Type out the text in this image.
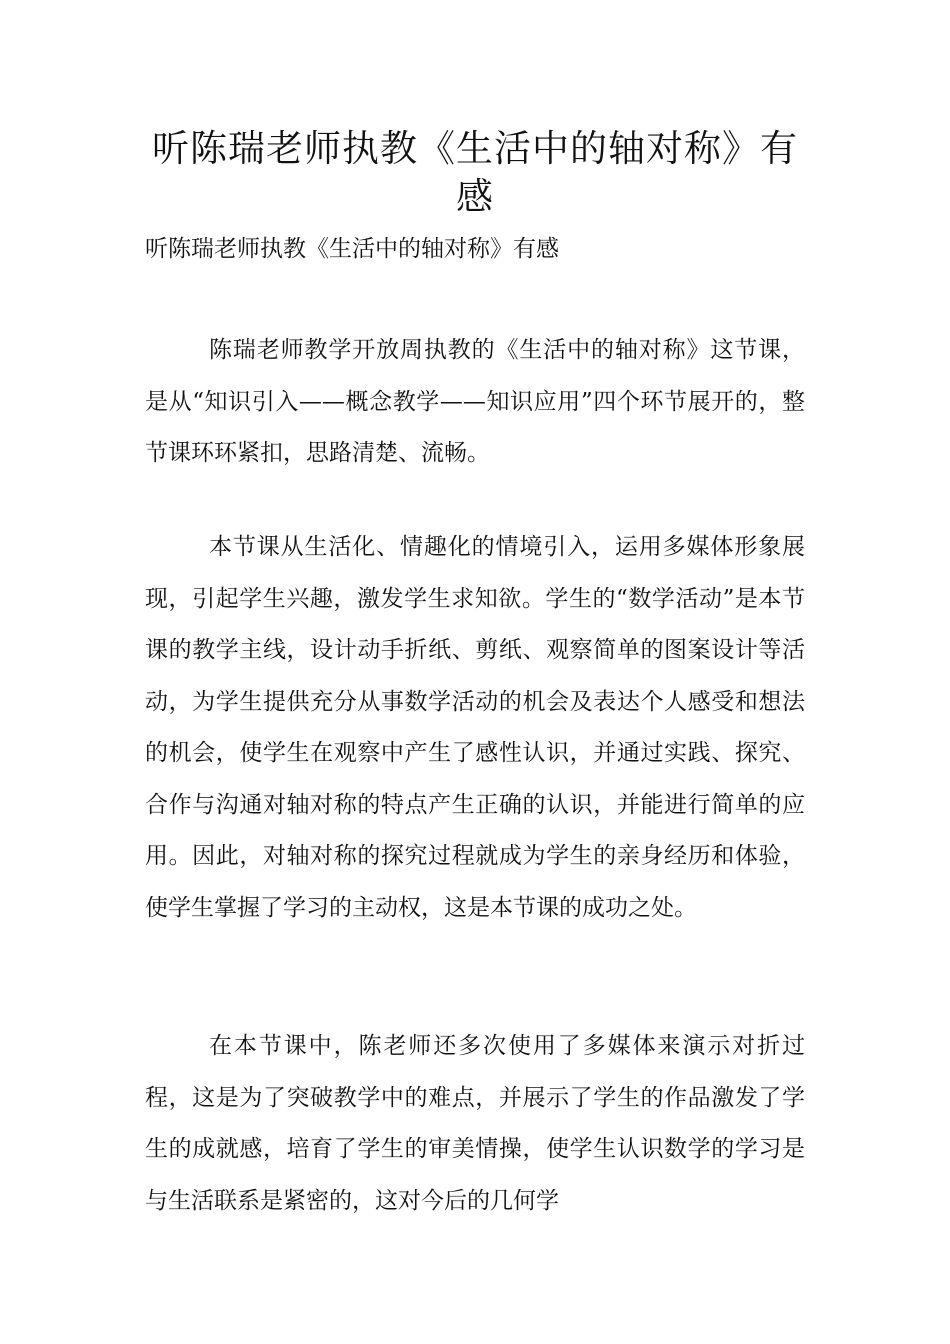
听陈瑞老师执教《生活中的轴对称》有感

听陈瑞老师执教《生活中的轴对称》有感

陈瑞老师教学开放周执教的《生活中的轴对称》这节课，是从“知识引入——概念教学——知识应用”四个环节展开的，整节课环环紧扣，思路清楚、流畅。

本节课从生活化、情趣化的情境引入，运用多媒体形象展现，引起学生兴趣，激发学生求知欲。学生的“数学活动”是本节课的教学主线，设计动手折纸、剪纸、观察简单的图案设计等活动，为学生提供充分从事数学活动的机会及表达个人感受和想法的机会，使学生在观察中产生了感性认识，并通过实践、探究、合作与沟通对轴对称的特点产生正确的认识，并能进行简单的应用。因此，对轴对称的探究过程就成为学生的亲身经历和体验，使学生掌握了学习的主动权，这是本节课的成功之处。

在本节课中，陈老师还多次使用了多媒体来演示对折过程，这是为了突破教学中的难点，并展示了学生的作品激发了学生的成就感，培育了学生的审美情操，使学生认识数学的学习是与生活联系是紧密的，这对今后的几何学
